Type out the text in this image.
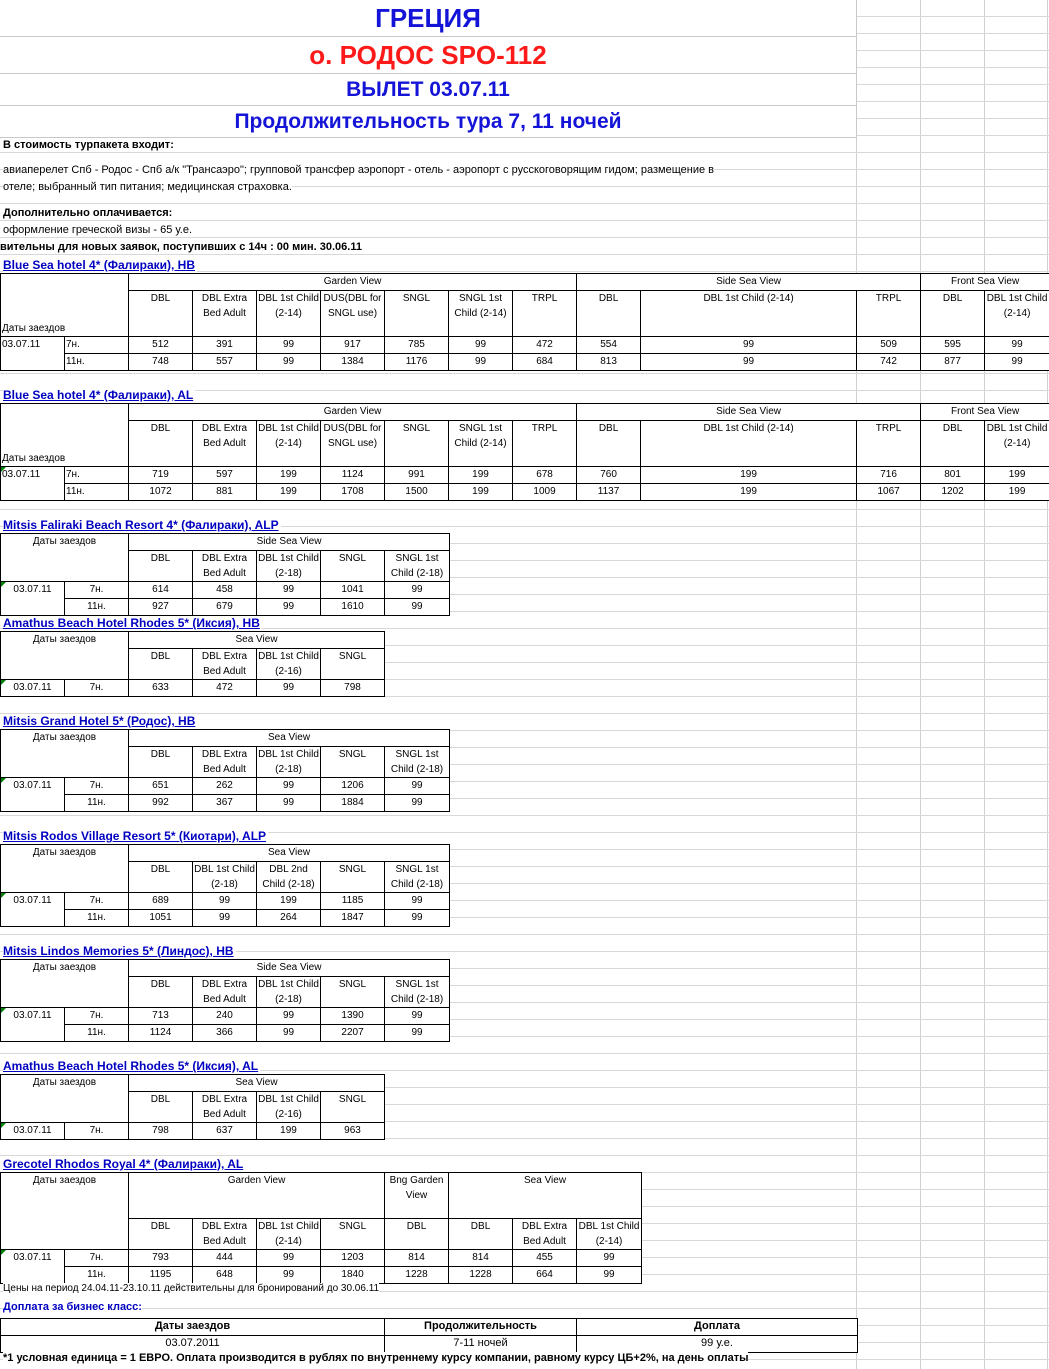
ГРЕЦИЯ
о. РОДОС SPO-112
ВЫЛЕТ 03.07.11
Продолжительность тура 7, 11 ночей
В стоимость турпакета входит:
авиаперелет Спб - Родос - Спб а/к "Трансаэро"; групповой трансфер аэропорт - отель - аэропорт с русскоговорящим гидом; размещение в
отеле; выбранный тип питания; медицинская страховка.
Дополнительно оплачивается:
оформление греческой визы - 65 у.е.
вительны для новых заявок, поступивших с 14ч : 00 мин. 30.06.11
Blue Sea hotel 4* (Фалираки), HB
Даты заездов		Garden View							Side Sea View			Front Sea View		
		DBL	DBL Extra Bed Adult	DBL 1st Child (2-14)	DUS(DBL for SNGL use)	SNGL	SNGL 1st Child (2-14)	TRPL	DBL	DBL 1st Child (2-14)	TRPL	DBL	DBL 1st Child (2-14)	
03.07.11	7н.	512	391	99	917	785	99	472	554	99	509	595	99	
	11н.	748	557	99	1384	1176	99	684	813	99	742	877	99	
Blue Sea hotel 4* (Фалираки), AL
Даты заездов		Garden View							Side Sea View			Front Sea View		
		DBL	DBL Extra Bed Adult	DBL 1st Child (2-14)	DUS(DBL for SNGL use)	SNGL	SNGL 1st Child (2-14)	TRPL	DBL	DBL 1st Child (2-14)	TRPL	DBL	DBL 1st Child (2-14)	

03.07.11	7н.	719	597	199	1124	991	199	678	760	199	716	801	199	
	11н.	1072	881	199	1708	1500	199	1009	1137	199	1067	1202	199	
Mitsis Faliraki Beach Resort 4* (Фалираки), ALP
Даты заездов		Side Sea View				
		DBL	DBL Extra Bed Adult	DBL 1st Child (2-18)	SNGL	SNGL 1st Child (2-18)

03.07.11	7н.	614	458	99	1041	99
	11н.	927	679	99	1610	99
Amathus Beach Hotel Rhodes 5* (Иксия), HB
Даты заездов		Sea View			
		DBL	DBL Extra Bed Adult	DBL 1st Child (2-16)	SNGL

03.07.11	7н.	633	472	99	798
Mitsis Grand Hotel 5* (Родос), HB
Даты заездов		Sea View				
		DBL	DBL Extra Bed Adult	DBL 1st Child (2-18)	SNGL	SNGL 1st Child (2-18)

03.07.11	7н.	651	262	99	1206	99
	11н.	992	367	99	1884	99
Mitsis Rodos Village Resort 5* (Киотари), ALP
Даты заездов		Sea View				
		DBL	DBL 1st Child (2-18)	DBL 2nd Child (2-18)	SNGL	SNGL 1st Child (2-18)

03.07.11	7н.	689	99	199	1185	99
	11н.	1051	99	264	1847	99
Mitsis Lindos Memories 5* (Линдос), HB
Даты заездов		Side Sea View				
		DBL	DBL Extra Bed Adult	DBL 1st Child (2-18)	SNGL	SNGL 1st Child (2-18)

03.07.11	7н.	713	240	99	1390	99
	11н.	1124	366	99	2207	99
Amathus Beach Hotel Rhodes 5* (Иксия), AL
Даты заездов		Sea View			
		DBL	DBL Extra Bed Adult	DBL 1st Child (2-16)	SNGL

03.07.11	7н.	798	637	199	963
Grecotel Rhodos Royal 4* (Фалираки), AL
Даты заездов		Garden View				Bng Garden View	Sea View		
		DBL	DBL Extra Bed Adult	DBL 1st Child (2-14)	SNGL	DBL	DBL	DBL Extra Bed Adult	DBL 1st Child (2-14)

03.07.11	7н.	793	444	99	1203	814	814	455	99
	11н.	1195	648	99	1840	1228	1228	664	99
Цены на период 24.04.11-23.10.11 действительны для бронирований до 30.06.11
Доплата за бизнес класс:
Даты заездов	Продолжительность	Доплата
03.07.2011	7-11 ночей	99 у.е.
*1 условная единица = 1 ЕВРО. Оплата производится в рублях по внутреннему курсу компании, равному курсу ЦБ+2%, на день оплаты
